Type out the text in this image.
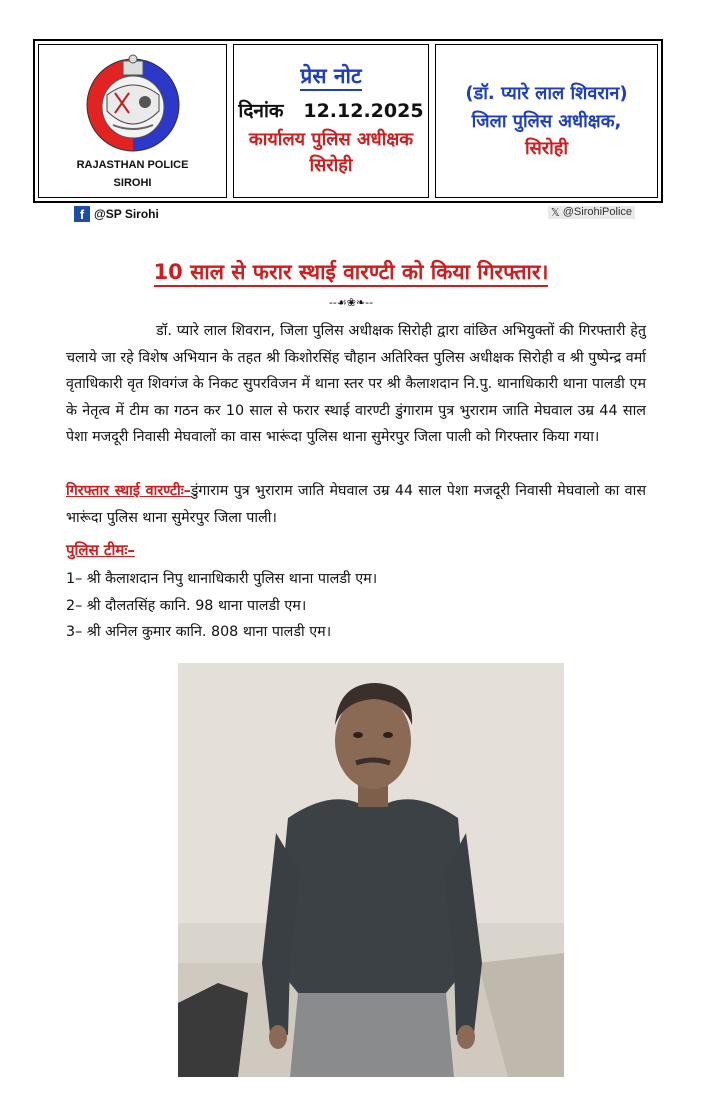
RAJASTHAN POLICE
SIROHI
प्रेस नोट
दिनांक 12.12.2025
कार्यालय पुलिस अधीक्षक
सिरोही
(डॉ. प्यारे लाल शिवरान)
जिला पुलिस अधीक्षक,
सिरोही
f @SP Sirohi	𝕏 @SirohiPolice
10 साल से फरार स्थाई वारण्टी को किया गिरफ्तार।
--☙❀❧--
डॉ. प्यारे लाल शिवरान, जिला पुलिस अधीक्षक सिरोही द्वारा वांछित अभियुक्तों की गिरफ्तारी हेतु चलाये जा रहे विशेष अभियान के तहत श्री किशोरसिंह चौहान अतिरिक्त पुलिस अधीक्षक सिरोही व श्री पुष्पेन्द्र वर्मा वृताधिकारी वृत शिवगंज के निकट सुपरविजन में थाना स्तर पर श्री कैलाशदान नि.पु. थानाधिकारी थाना पालडी एम के नेतृत्व में टीम का गठन कर 10 साल से फरार स्थाई वारण्टी डुंगाराम पुत्र भुराराम जाति मेघवाल उम्र 44 साल पेशा मजदूरी निवासी मेघवालों का वास भारूंदा पुलिस थाना सुमेरपुर जिला पाली को गिरफ्तार किया गया।
गिरफ्तार स्थाई वारण्टीः–डुंगाराम पुत्र भुराराम जाति मेघवाल उम्र 44 साल पेशा मजदूरी निवासी मेघवालो का वास भारूंदा पुलिस थाना सुमेरपुर जिला पाली।
पुलिस टीमः–
1– श्री कैलाशदान निपु थानाधिकारी पुलिस थाना पालडी एम।
2– श्री दौलतसिंह कानि. 98 थाना पालडी एम।
3– श्री अनिल कुमार कानि. 808 थाना पालडी एम।
